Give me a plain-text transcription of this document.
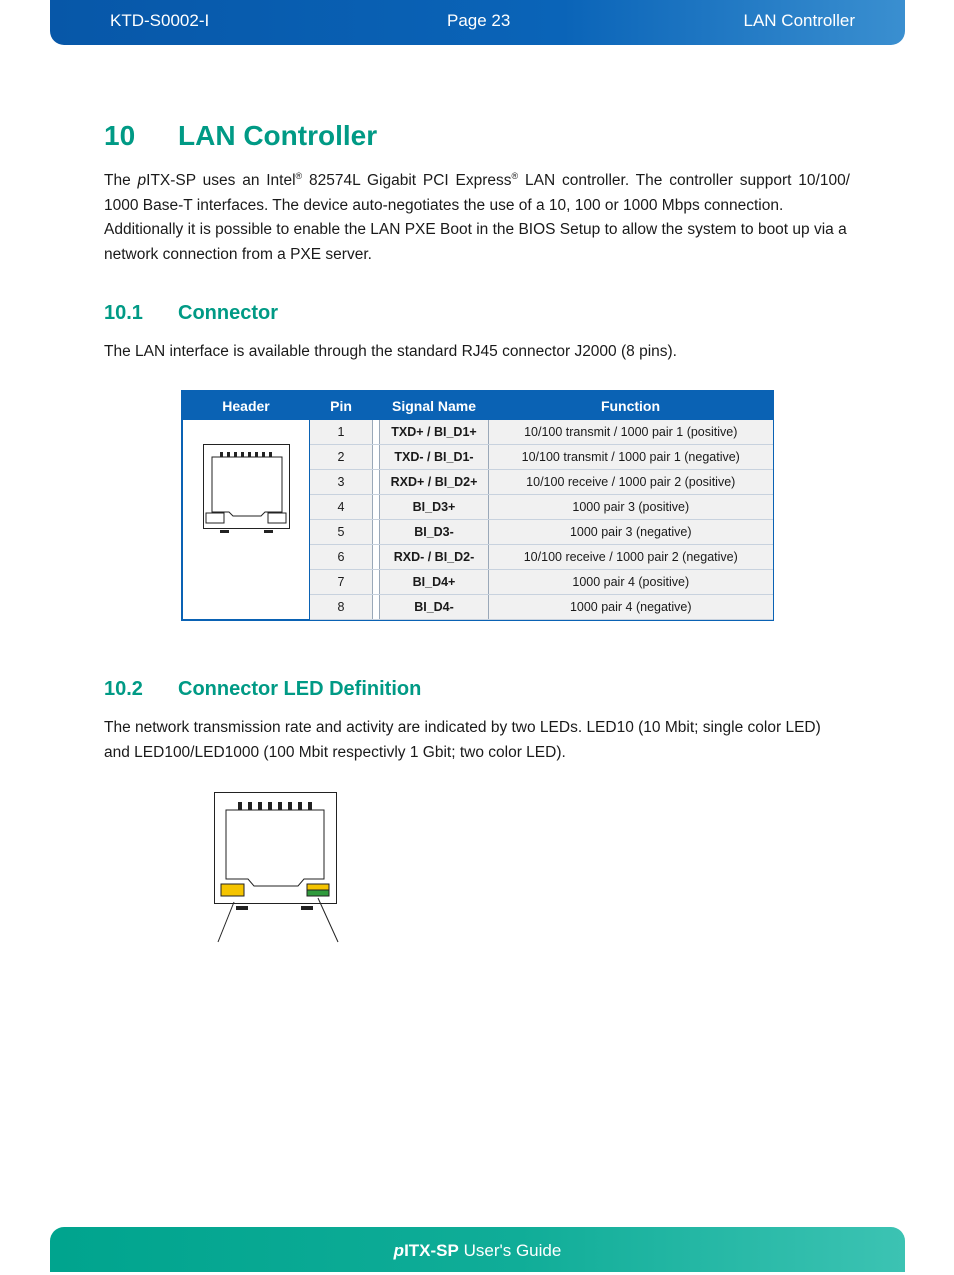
KTD-S0002-I	Page 23	LAN Controller
10 LAN Controller

The pITX-SP uses an Intel® 82574L Gigabit PCI Express® LAN controller. The controller support 10/100/ 1000 Base-T interfaces. The device auto-negotiates the use of a 10, 100 or 1000 Mbps connection.

Additionally it is possible to enable the LAN PXE Boot in the BIOS Setup to allow the system to boot up via a network connection from a PXE server.

10.1 Connector

The LAN interface is available through the standard RJ45 connector J2000 (8 pins).

Header	Pin		Signal Name	Function

	1		TXD+ / BI_D1+	10/100 transmit / 1000 pair 1 (positive)
	2		TXD- / BI_D1-	10/100 transmit / 1000 pair 1 (negative)
	3		RXD+ / BI_D2+	10/100 receive / 1000 pair 2 (positive)
	4		BI_D3+	1000 pair 3 (positive)
	5		BI_D3-	1000 pair 3 (negative)
	6		RXD- / BI_D2-	10/100 receive / 1000 pair 2 (negative)
	7		BI_D4+	1000 pair 4 (positive)
	8		BI_D4-	1000 pair 4 (negative)
10.2 Connector LED Definition

The network transmission rate and activity are indicated by two LEDs. LED10 (10 Mbit; single color LED) and LED100/LED1000 (100 Mbit respectivly 1 Gbit; two color LED).

pITX-SP User's Guide
